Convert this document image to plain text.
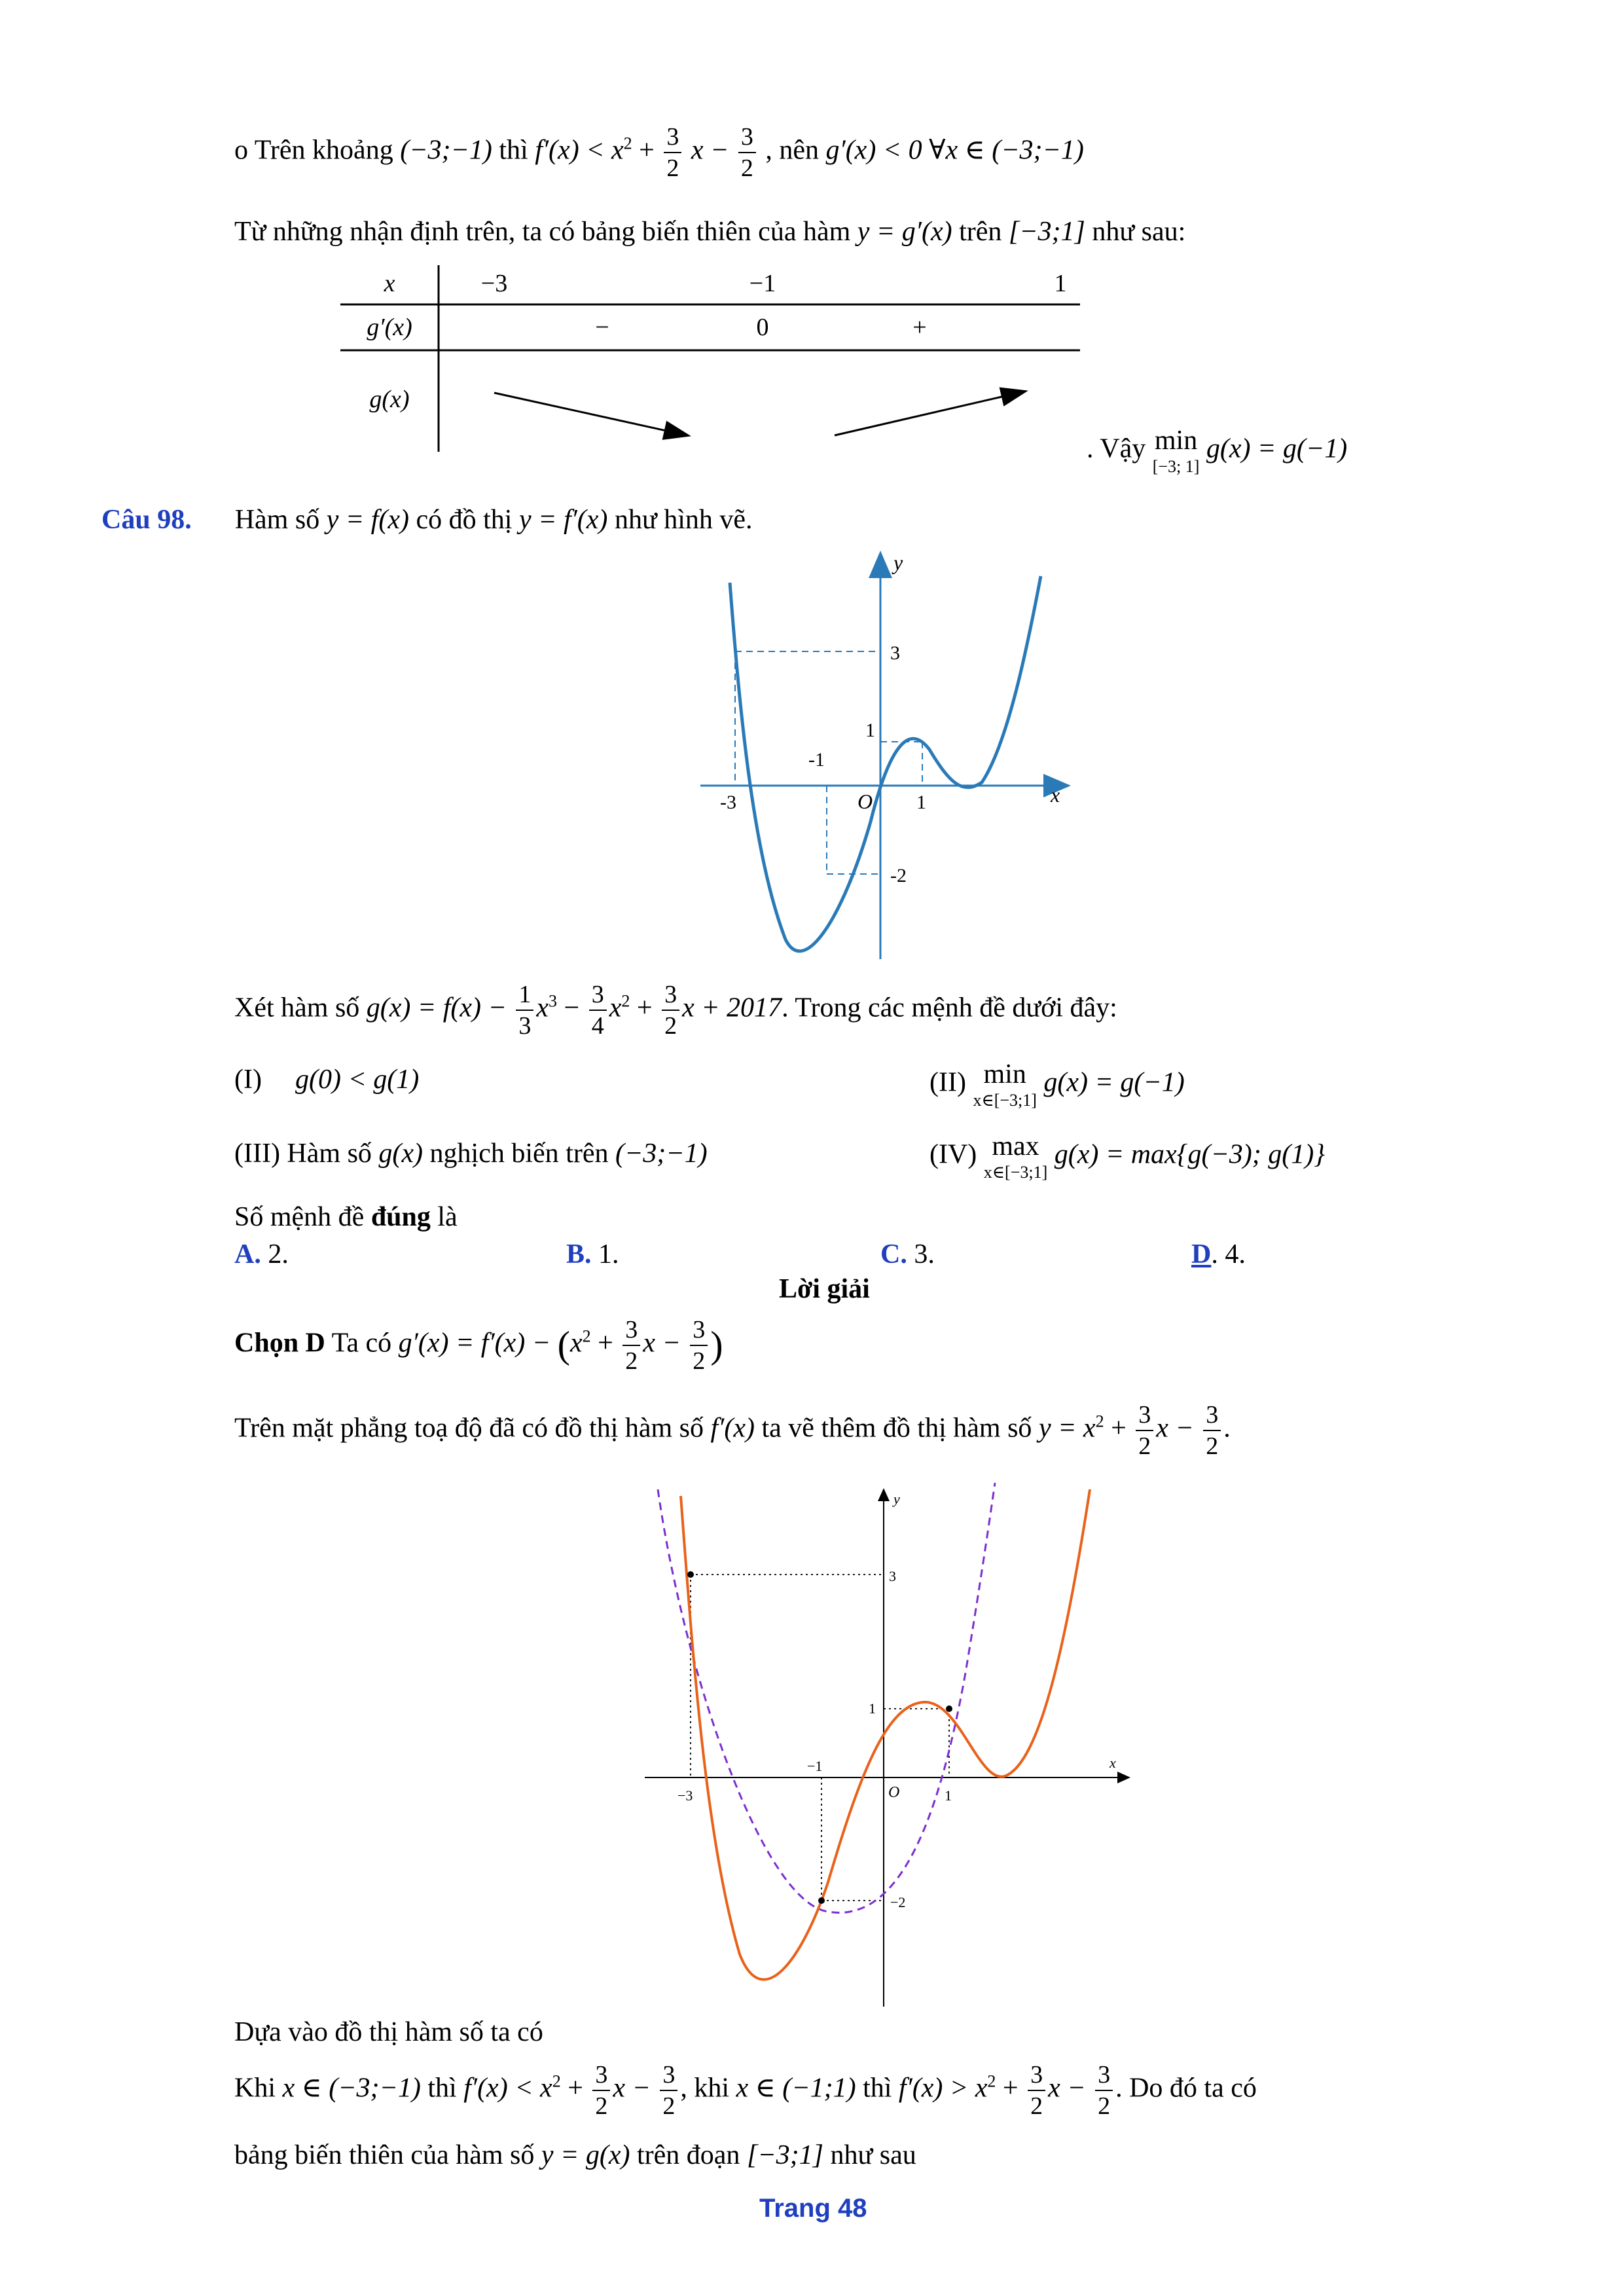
o Trên khoảng (−3;−1) thì $f'(x) < x^2 + \frac{3}{2}$ $x - \frac{3}{2}$ , nên g′(x) < 0 ∀x ∈ (−3;−1)
Từ những nhận định trên, ta có bảng biến thiên của hàm y = g′(x) trên [−3;1] như sau:
x	−3	−1	1
g′(x)	−	0	+
g(x)
. Vậy min
[−3; 1]
g(x) = g(−1)
Câu 98. Hàm số y = f(x) có đồ thị y = f′(x) như hình vẽ.
y
x
O
3
1
-1
-2
-3	1
Xét hàm số $g(x) = f(x) - \frac{1}{3} x^3 - \frac{3}{4} x^2 + \frac{3}{2}$ x + 2017. Trong các mệnh đề dưới đây:
(I) g(0) < g(1)	(II) min
x∈[−3;1]
g(x) = g(−1)
(III) Hàm số g(x) nghịch biến trên (−3;−1)	(IV) max
x∈[−3;1]
g(x) = max{g(−3); g(1)}
Số mệnh đề đúng là
A. 2.	B. 1.	C. 3.	D. 4.
Lời giải
Chọn D Ta có $g'(x) = f'(x) - (x^2 + \frac{3}{2}$ $x - \frac{3}{2}$ )
Trên mặt phẳng toạ độ đã có đồ thị hàm số f′(x) ta vẽ thêm đồ thị hàm số $y = x^2 + \frac{3}{2}$ $x - \frac{3}{2}$ .
y
x
O
3
1
−1
−2
−3	1
Dựa vào đồ thị hàm số ta có
Khi x ∈ (−3;−1) thì $f'(x) < x^2 + \frac{3}{2}$ $x - \frac{3}{2}$ , khi x ∈ (−1;1) thì $f'(x) > x^2 + \frac{3}{2}$ $x - \frac{3}{2}$ . Do đó ta có
bảng biến thiên của hàm số y = g(x) trên đoạn [−3;1] như sau
Trang 48
